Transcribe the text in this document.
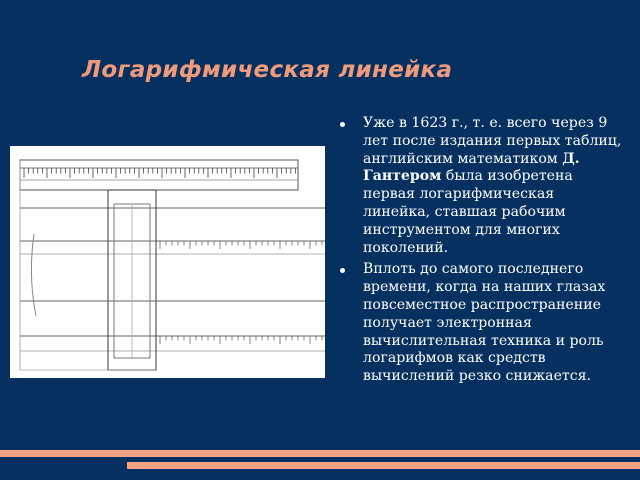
Логарифмическая линейка
Уже в 1623 г., т. е. всего через 9 лет после издания первых таблиц, английским математиком Д. Гантером была изобретена первая логарифмическая линейка, ставшая рабочим инструментом для многих поколений.
Вплоть до самого последнего времени, когда на наших глазах повсеместное распространение получает электронная вычислительная техника и роль логарифмов как средств вычислений резко снижается.
